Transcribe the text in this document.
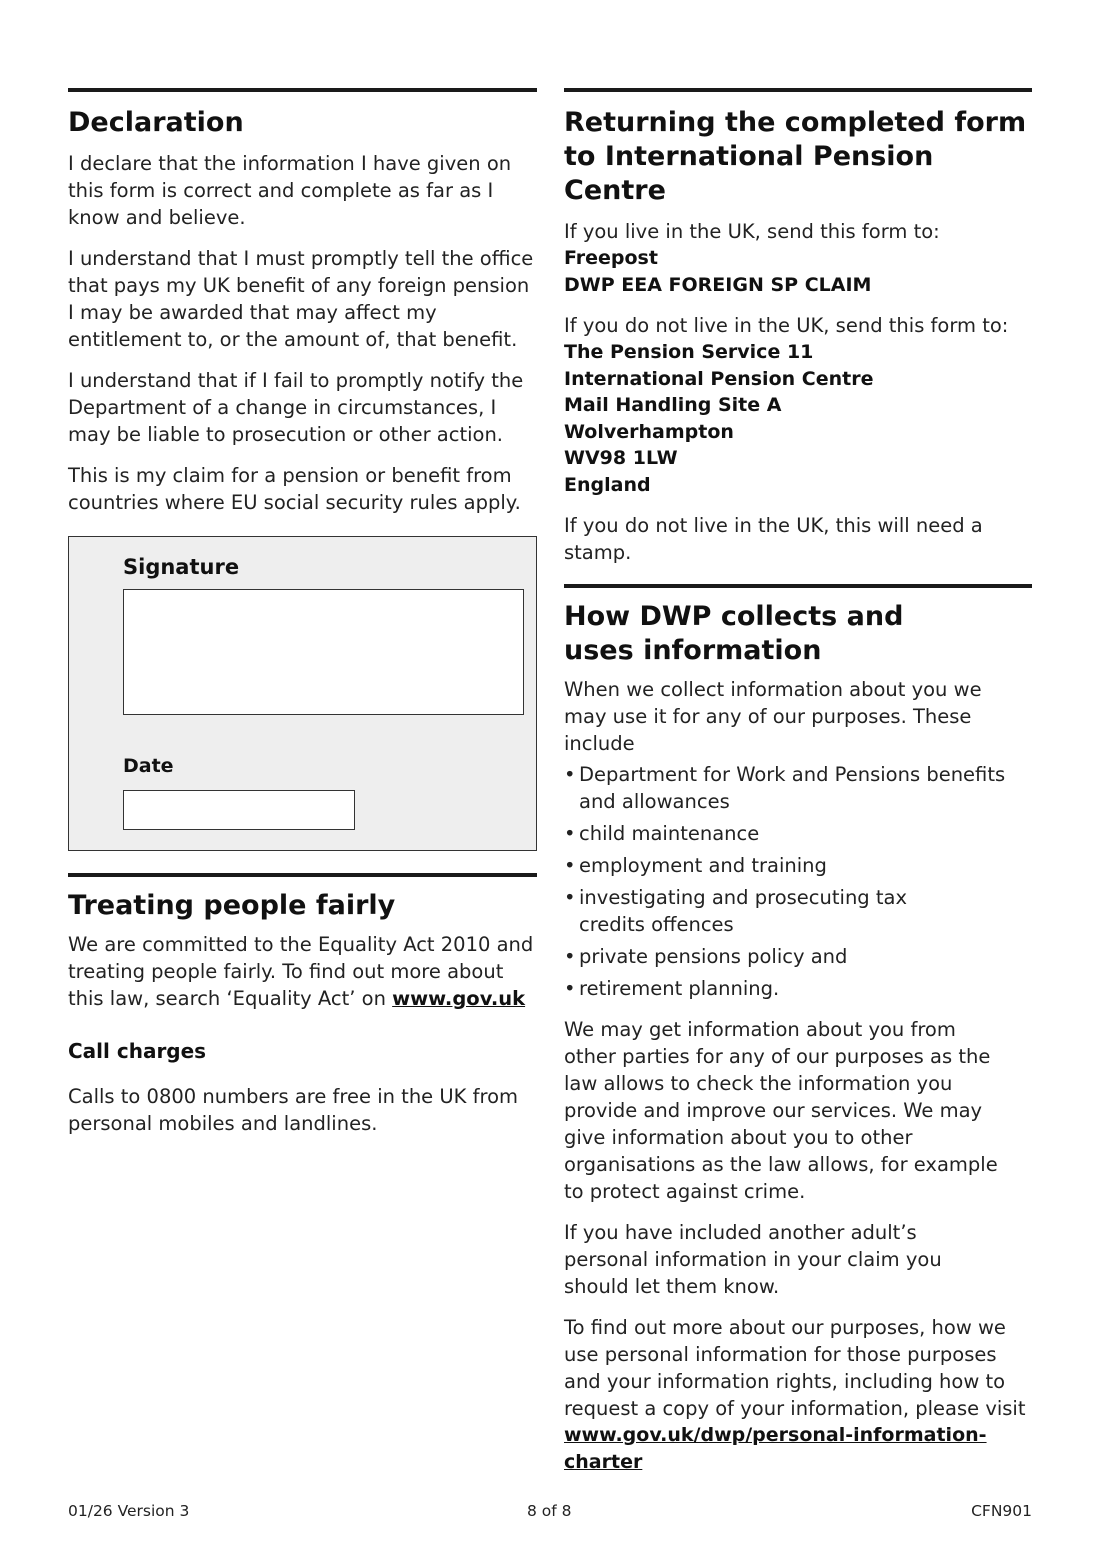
Declaration

I declare that the information I have given on this form is correct and complete as far as I know and believe.

I understand that I must promptly tell the office that pays my UK benefit of any foreign pension I may be awarded that may affect my entitlement to, or the amount of, that benefit.

I understand that if I fail to promptly notify the Department of a change in circumstances, I may be liable to prosecution or other action.

This is my claim for a pension or benefit from countries where EU social security rules apply.

Signature
Date
Treating people fairly

We are committed to the Equality Act 2010 and treating people fairly. To find out more about this law, search ‘Equality Act’ on www.gov.uk

Call charges

Calls to 0800 numbers are free in the UK from personal mobiles and landlines.

Returning the completed form to International Pension Centre

If you live in the UK, send this form to:

Freepost
DWP EEA FOREIGN SP CLAIM

If you do not live in the UK, send this form to:

The Pension Service 11
International Pension Centre
Mail Handling Site A
Wolverhampton
WV98 1LW
England

If you do not live in the UK, this will need a stamp.

How DWP collects and uses information

When we collect information about you we may use it for any of our purposes. These include

• Department for Work and Pensions benefits and allowances
• child maintenance
• employment and training
• investigating and prosecuting tax credits offences
• private pensions policy and
• retirement planning.

We may get information about you from other parties for any of our purposes as the law allows to check the information you provide and improve our services. We may give information about you to other organisations as the law allows, for example to protect against crime.

If you have included another adult’s personal information in your claim you should let them know.

To find out more about our purposes, how we use personal information for those purposes and your information rights, including how to request a copy of your information, please visit

www.gov.uk/dwp/personal-information-charter
01/26 Version 3	8 of 8	CFN901
